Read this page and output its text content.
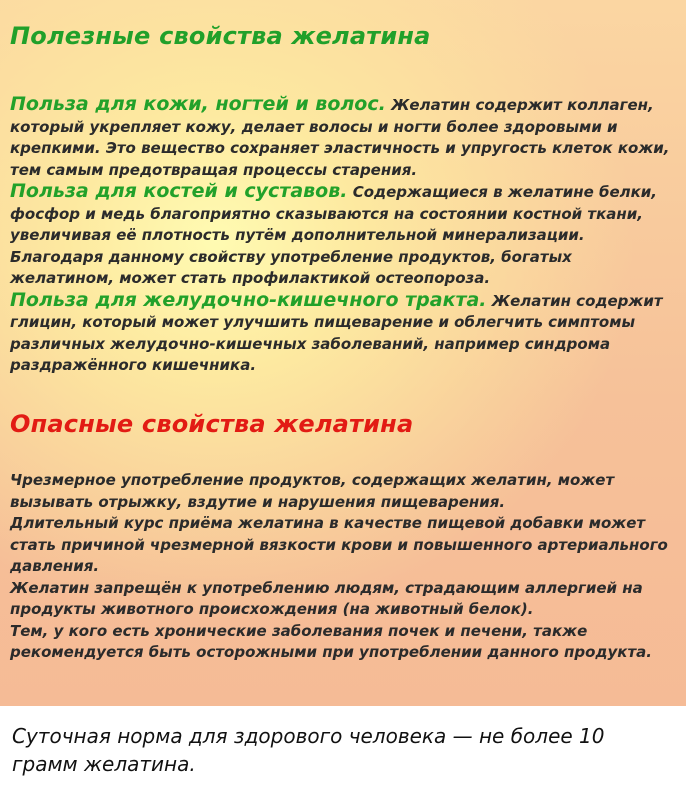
Полезные свойства желатина

Польза для кожи, ногтей и волос. Желатин содержит коллаген, который укрепляет кожу, делает волосы и ногти более здоровыми и крепкими. Это вещество сохраняет эластичность и упругость клеток кожи, тем самым предотвращая процессы старения.

Польза для костей и суставов. Содержащиеся в желатине белки, фосфор и медь благоприятно сказываются на состоянии костной ткани, увеличивая её плотность путём дополнительной минерализации. Благодаря данному свойству употребление продуктов, богатых желатином, может стать профилактикой остеопороза.

Польза для желудочно-кишечного тракта. Желатин содержит глицин, который может улучшить пищеварение и облегчить симптомы различных желудочно-кишечных заболеваний, например синдрома раздражённого кишечника.

Опасные свойства желатина

Чрезмерное употребление продуктов, содержащих желатин, может вызывать отрыжку, вздутие и нарушения пищеварения.

Длительный курс приёма желатина в качестве пищевой добавки может стать причиной чрезмерной вязкости крови и повышенного артериального давления.

Желатин запрещён к употреблению людям, страдающим аллергией на продукты животного происхождения (на животный белок).

Тем, у кого есть хронические заболевания почек и печени, также рекомендуется быть осторожными при употреблении данного продукта.

Суточная норма для здорового человека — не более 10 грамм желатина.
